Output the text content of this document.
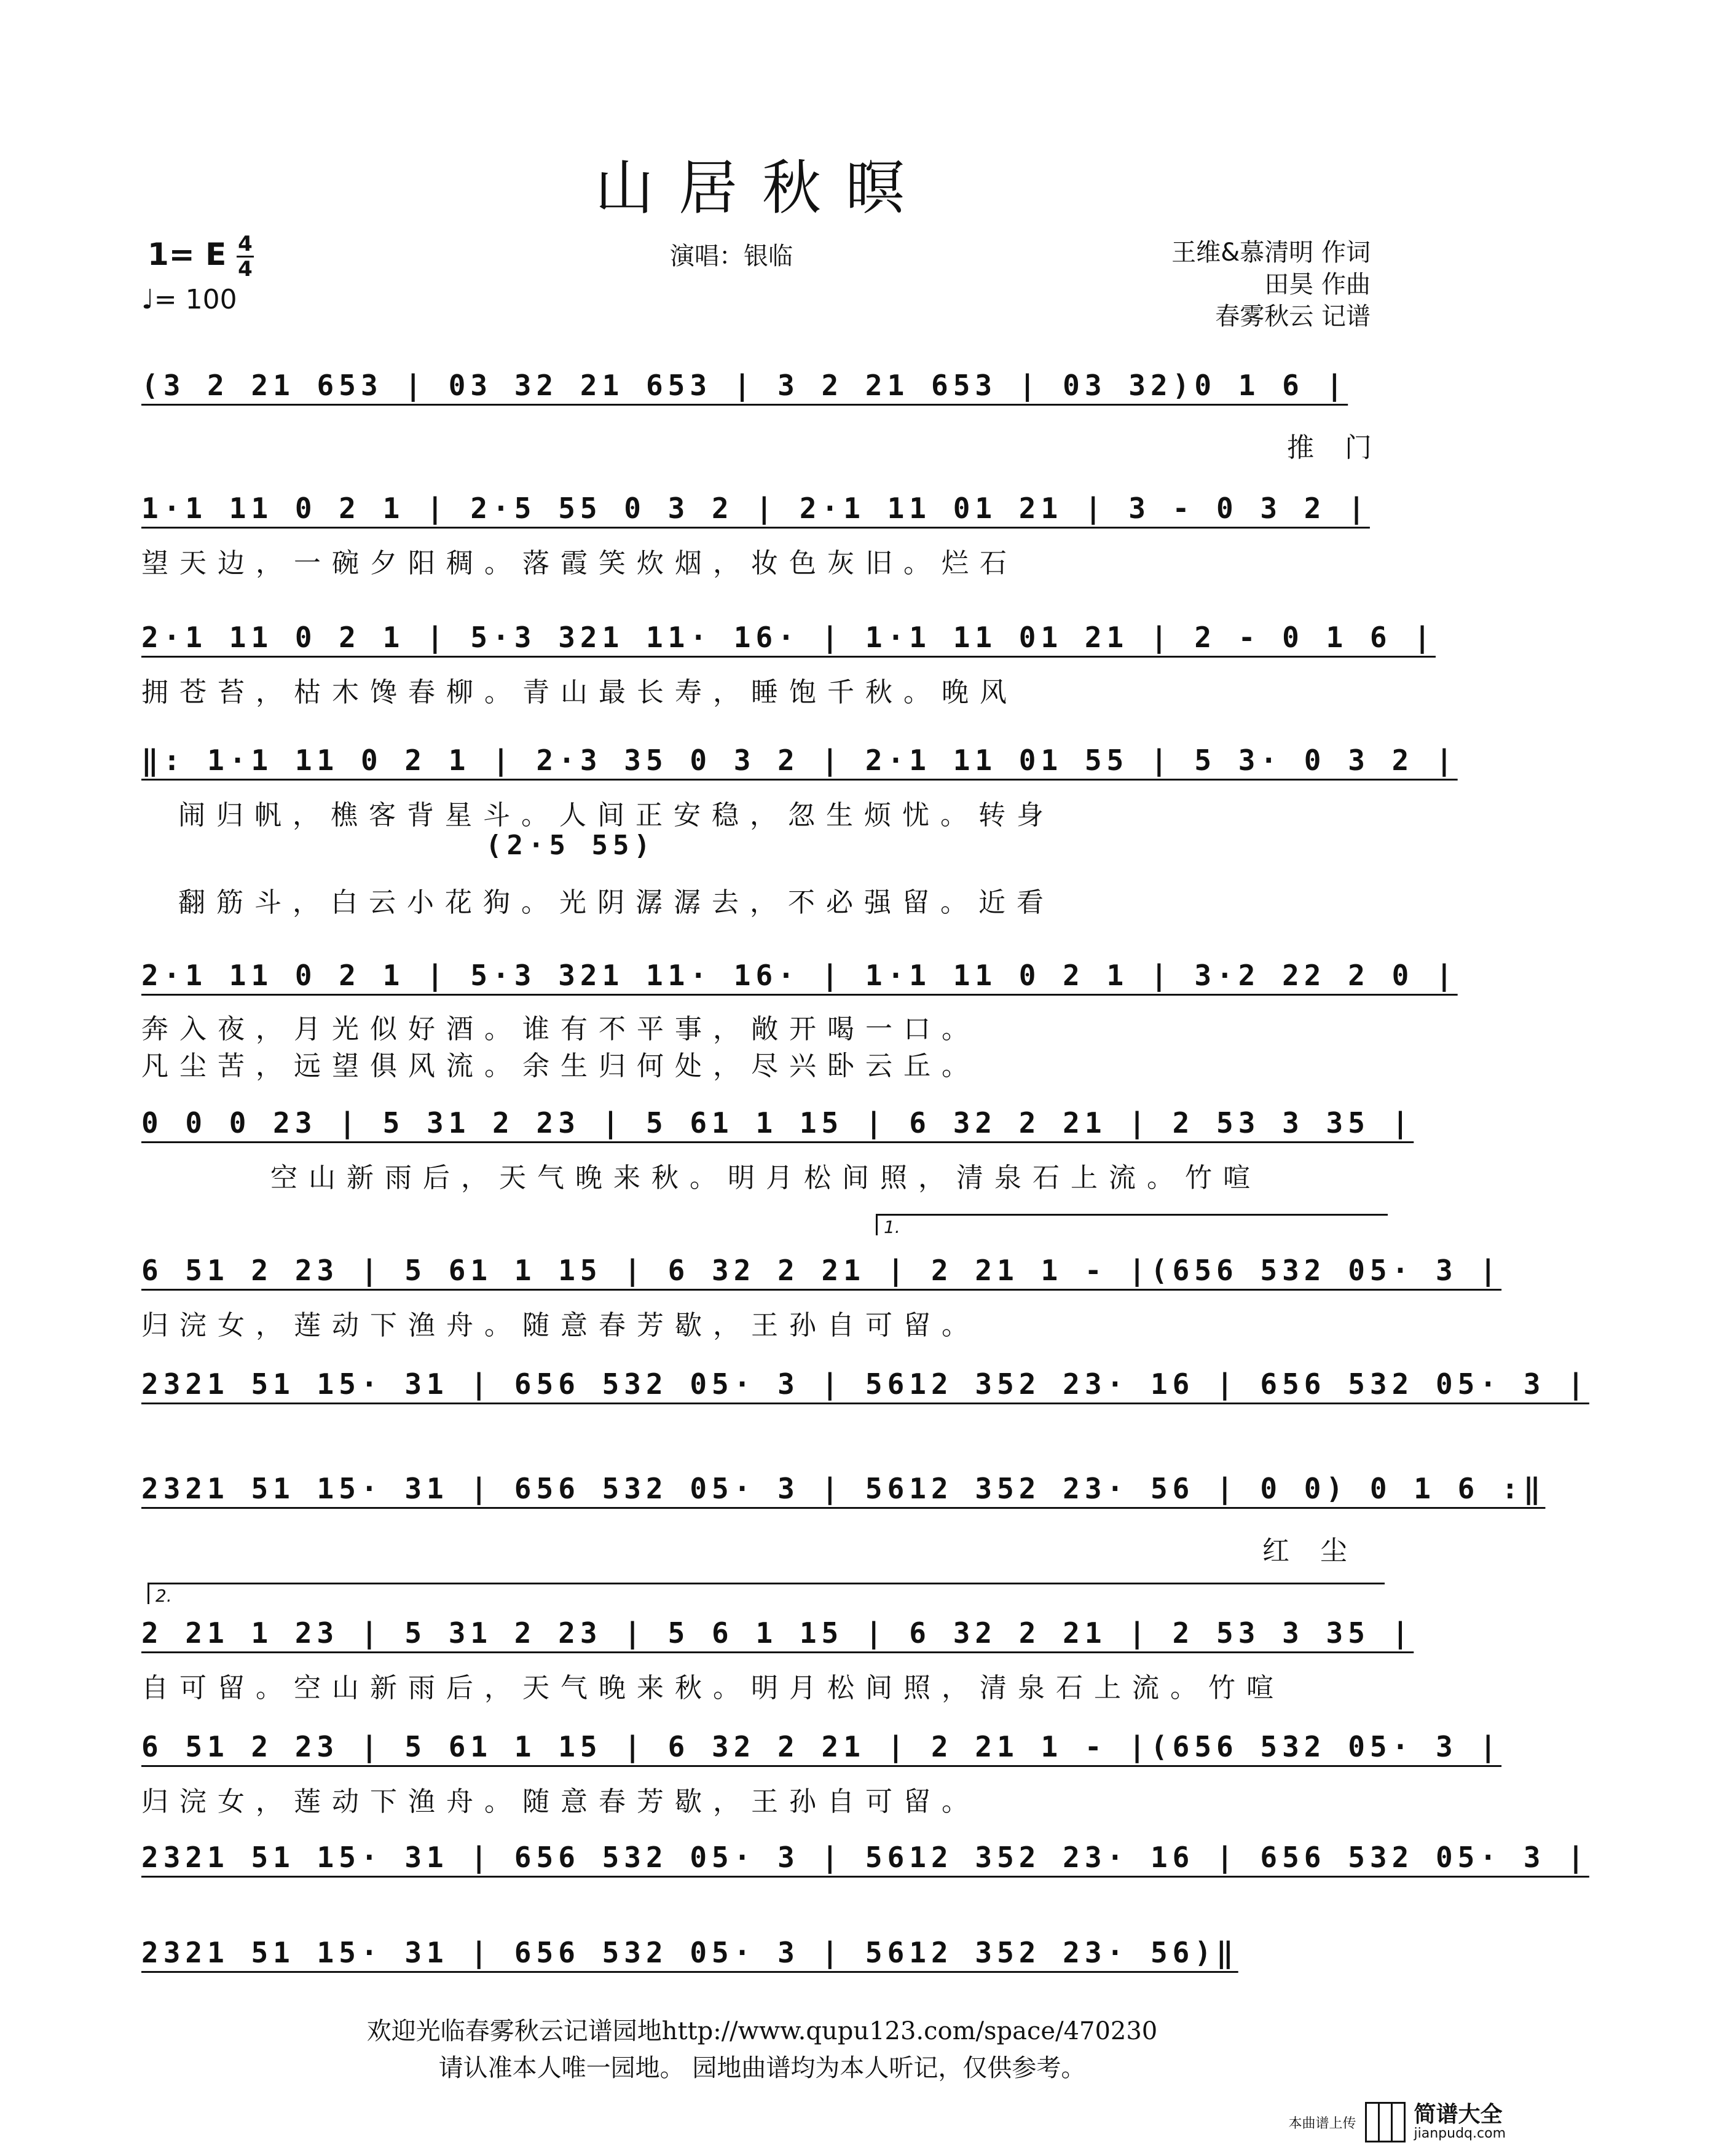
山居秋暝
1= E 4
4
♩= 100
演唱：银临	王维&慕清明 作词
田昊 作曲
春雾秋云 记谱
(3 2 21 653 | 03 32 21 653 | 3 2 21 653 | 03 32)0 1 6 |
推 门
1·1 11 0 2 1 | 2·5 55 0 3 2 | 2·1 11 01 21 | 3 - 0 3 2 |
望天边，一碗夕阳稠。落霞笑炊烟，妆色灰旧。烂石
2·1 11 0 2 1 | 5·3 321 11· 16· | 1·1 11 01 21 | 2 - 0 1 6 |
拥苍苔，枯木馋春柳。青山最长寿，睡饱千秋。晚风
‖: 1·1 11 0 2 1 | 2·3 35 0 3 2 | 2·1 11 01 55 | 5 3· 0 3 2 |
闹归帆，樵客背星斗。人间正安稳，忽生烦忧。转身
(2·5 55)
翻筋斗，白云小花狗。光阴潺潺去，不必强留。近看
2·1 11 0 2 1 | 5·3 321 11· 16· | 1·1 11 0 2 1 | 3·2 22 2 0 |
奔入夜，月光似好酒。谁有不平事，敞开喝一口。
凡尘苦，远望俱风流。余生归何处，尽兴卧云丘。
0 0 0 23 | 5 31 2 23 | 5 61 1 15 | 6 32 2 21 | 2 53 3 35 |
空山新雨后，天气晚来秋。明月松间照，清泉石上流。竹喧
1.
6 51 2 23 | 5 61 1 15 | 6 32 2 21 | 2 21 1 - |(656 532 05· 3 |
归浣女，莲动下渔舟。随意春芳歇，王孙自可留。
2321 51 15· 31 | 656 532 05· 3 | 5612 352 23· 16 | 656 532 05· 3 |
2321 51 15· 31 | 656 532 05· 3 | 5612 352 23· 56 | 0 0) 0 1 6 :‖
红 尘
2.
2 21 1 23 | 5 31 2 23 | 5 6 1 15 | 6 32 2 21 | 2 53 3 35 |
自可留。空山新雨后，天气晚来秋。明月松间照，清泉石上流。竹喧
6 51 2 23 | 5 61 1 15 | 6 32 2 21 | 2 21 1 - |(656 532 05· 3 |
归浣女，莲动下渔舟。随意春芳歇，王孙自可留。
2321 51 15· 31 | 656 532 05· 3 | 5612 352 23· 16 | 656 532 05· 3 |
2321 51 15· 31 | 656 532 05· 3 | 5612 352 23· 56)‖
欢迎光临春雾秋云记谱园地http://www.qupu123.com/space/470230
请认准本人唯一园地。 园地曲谱均为本人听记，仅供参考。
本曲谱上传	简谱大全
jianpudq.com
